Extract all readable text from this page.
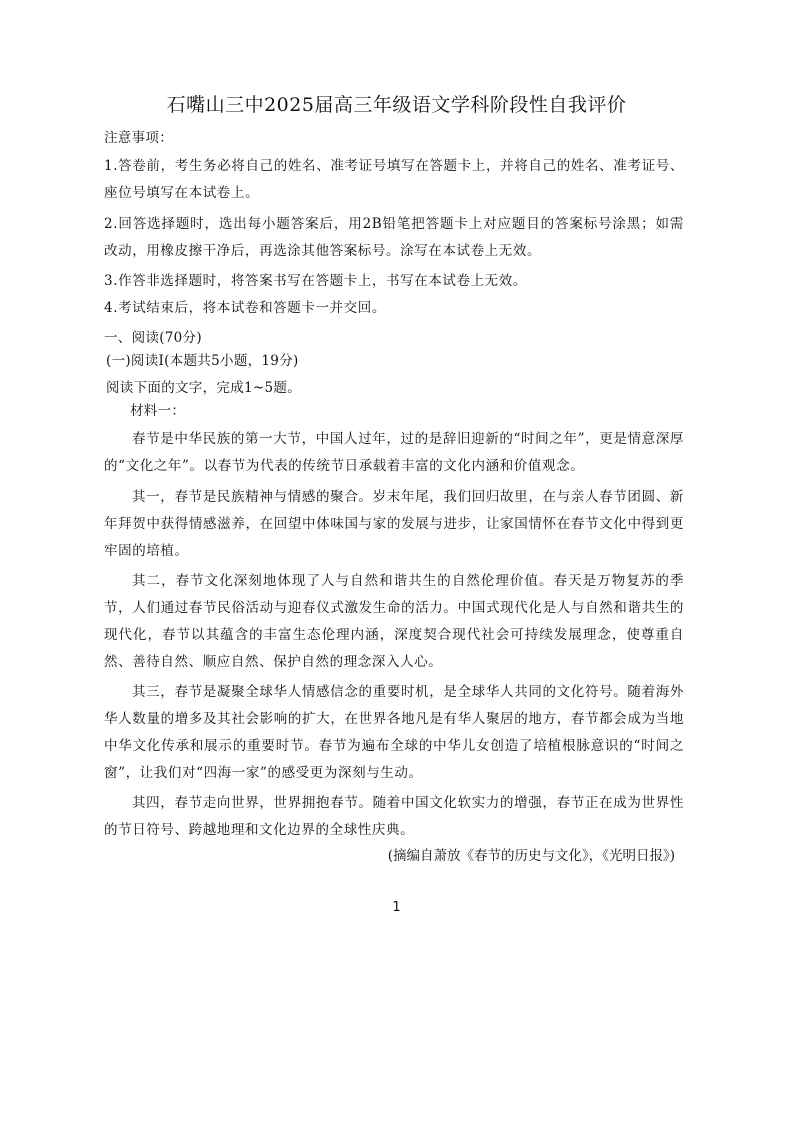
石嘴山三中2025届高三年级语文学科阶段性自我评价
注意事项：
1.答卷前，考生务必将自己的姓名、准考证号填写在答题卡上，并将自己的姓名、准考证号、座位号填写在本试卷上。
2.回答选择题时，选出每小题答案后，用2B铅笔把答题卡上对应题目的答案标号涂黑；如需改动，用橡皮擦干净后，再选涂其他答案标号。涂写在本试卷上无效。
3.作答非选择题时，将答案书写在答题卡上，书写在本试卷上无效。
4.考试结束后，将本试卷和答题卡一并交回。
一、阅读(70分)
(一)阅读Ⅰ(本题共5小题，19分)
阅读下面的文字，完成1~5题。
材料一：
春节是中华民族的第一大节，中国人过年，过的是辞旧迎新的“时间之年”，更是情意深厚的“文化之年”。以春节为代表的传统节日承载着丰富的文化内涵和价值观念。
其一，春节是民族精神与情感的聚合。岁末年尾，我们回归故里，在与亲人春节团圆、新年拜贺中获得情感滋养，在回望中体味国与家的发展与进步，让家国情怀在春节文化中得到更牢固的培植。
其二，春节文化深刻地体现了人与自然和谐共生的自然伦理价值。春天是万物复苏的季节，人们通过春节民俗活动与迎春仪式激发生命的活力。中国式现代化是人与自然和谐共生的现代化，春节以其蕴含的丰富生态伦理内涵，深度契合现代社会可持续发展理念，使尊重自然、善待自然、顺应自然、保护自然的理念深入人心。
其三，春节是凝聚全球华人情感信念的重要时机，是全球华人共同的文化符号。随着海外华人数量的增多及其社会影响的扩大，在世界各地凡是有华人聚居的地方，春节都会成为当地中华文化传承和展示的重要时节。春节为遍布全球的中华儿女创造了培植根脉意识的“时间之窗”，让我们对“四海一家”的感受更为深刻与生动。
其四，春节走向世界，世界拥抱春节。随着中国文化软实力的增强，春节正在成为世界性的节日符号、跨越地理和文化边界的全球性庆典。
(摘编自萧放《春节的历史与文化》，《光明日报》)
1
